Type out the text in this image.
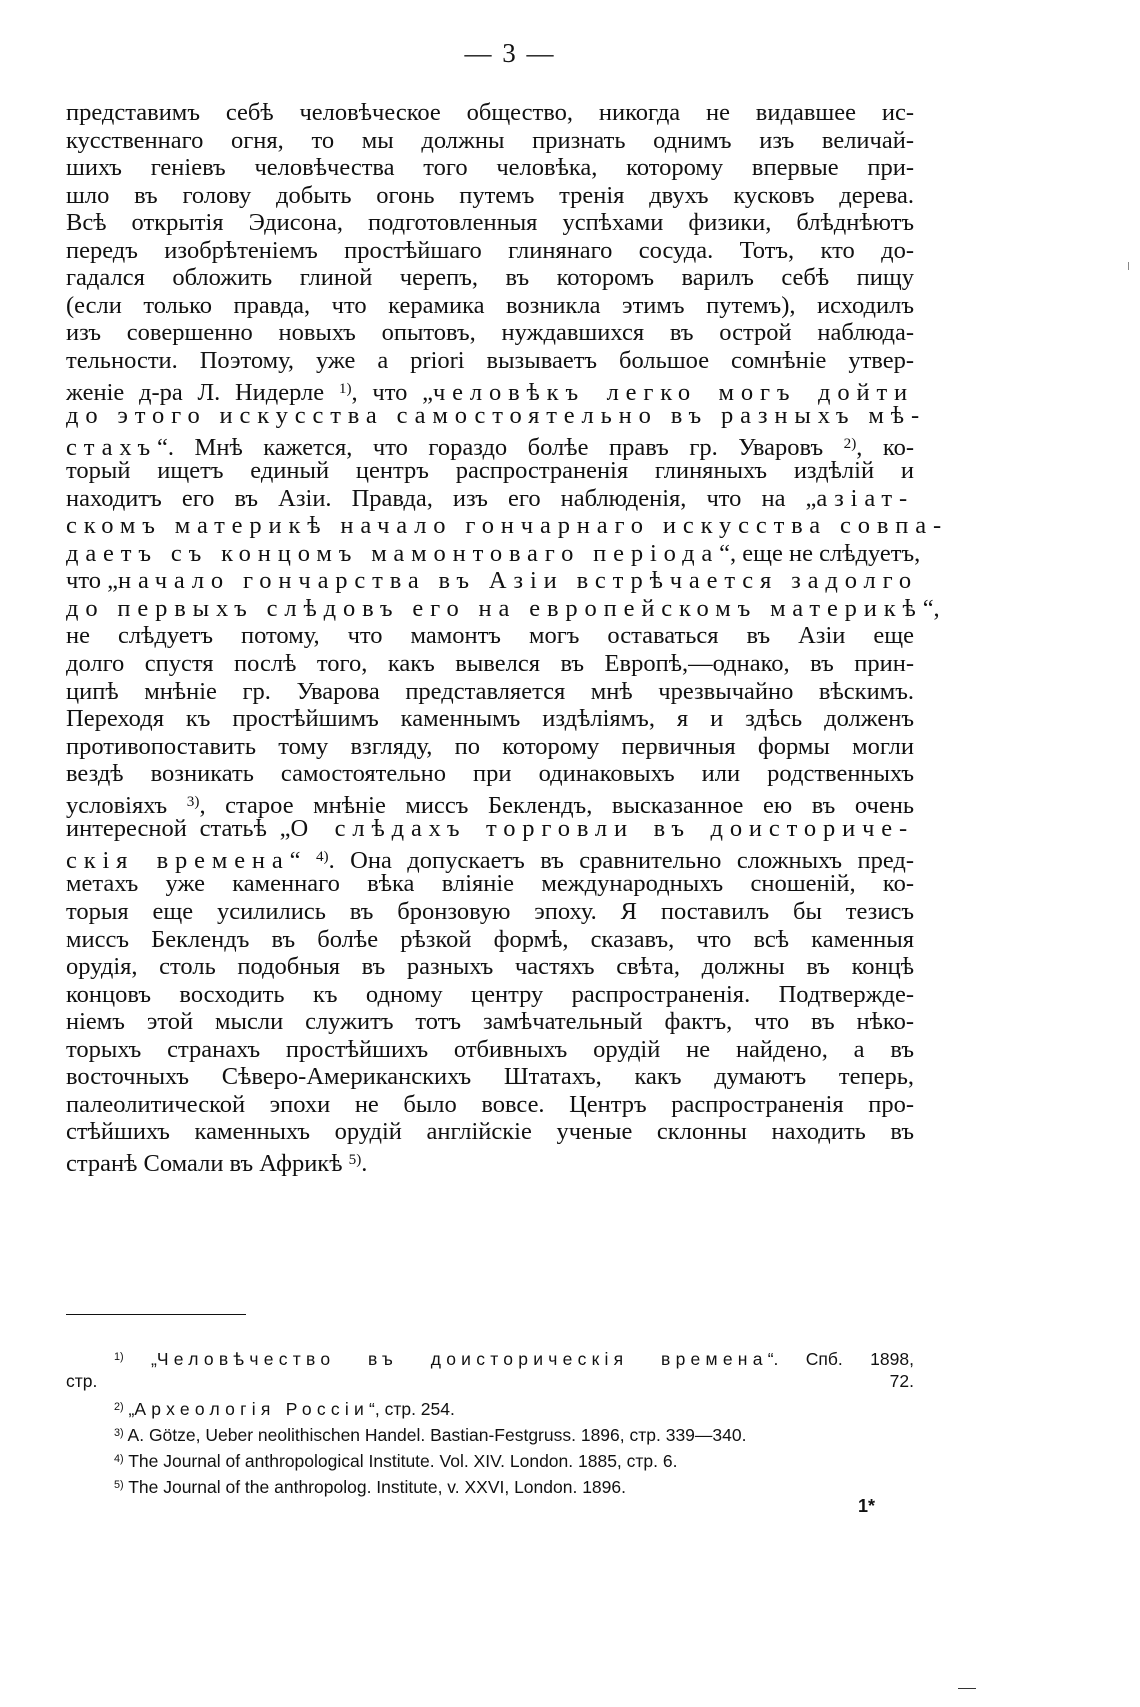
— 3 —
представимъ себѣ человѣческое общество, никогда не видавшее ис-
кусственнаго огня, то мы должны признать однимъ изъ величай-
шихъ геніевъ человѣчества того человѣка, которому впервые при-
шло въ голову добыть огонь путемъ тренія двухъ кусковъ дерева.
Всѣ открытія Эдисона, подготовленныя успѣхами физики, блѣднѣютъ
передъ изобрѣтеніемъ простѣйшаго глинянаго сосуда. Тотъ, кто до-
гадался обложить глиной черепъ, въ которомъ варилъ себѣ пищу
(если только правда, что керамика возникла этимъ путемъ), исходилъ
изъ совершенно новыхъ опытовъ, нуждавшихся въ острой наблюда-
тельности. Поэтому, уже a priori вызываетъ большое сомнѣніе утвер-
женіе д-ра Л. Нидерле $^{1)}$, что „человѣкъ легко могъ дойти
до этого искусства самостоятельно въ разныхъ мѣ-
стахъ“. Мнѣ кажется, что гораздо болѣе правъ гр. Уваровъ $^{2)}$, ко-
торый ищетъ единый центръ распространенія глиняныхъ издѣлій и
находитъ его въ Азіи. Правда, изъ его наблюденія, что на „азіат-
скомъ материкѣ начало гончарнаго искусства совпа-
даетъ съ концомъ мамонтоваго періода“, еще не слѣдуетъ,
что „начало гончарства въ Азіи встрѣчается задолго
до первыхъ слѣдовъ его на европейскомъ материкѣ“,
не слѣдуетъ потому, что мамонтъ могъ оставаться въ Азіи еще
долго спустя послѣ того, какъ вывелся въ Европѣ,—однако, въ прин-
ципѣ мнѣніе гр. Уварова представляется мнѣ чрезвычайно вѣскимъ.
Переходя къ простѣйшимъ каменнымъ издѣліямъ, я и здѣсь долженъ
противопоставить тому взгляду, по которому первичныя формы могли
вездѣ возникать самостоятельно при одинаковыхъ или родственныхъ
условіяхъ $^{3)}$, старое мнѣніе миссъ Беклендъ, высказанное ею въ очень
интересной статьѣ „О слѣдахъ торговли въ доисториче-
скія времена“ $^{4)}$. Она допускаетъ въ сравнительно сложныхъ пред-
метахъ уже каменнаго вѣка вліяніе международныхъ сношеній, ко-
торыя еще усилились въ бронзовую эпоху. Я поставилъ бы тезисъ
миссъ Беклендъ въ болѣе рѣзкой формѣ, сказавъ, что всѣ каменныя
орудія, столь подобныя въ разныхъ частяхъ свѣта, должны въ концѣ
концовъ восходить къ одному центру распространенія. Подтвержде-
ніемъ этой мысли служитъ тотъ замѣчательный фактъ, что въ нѣко-
торыхъ странахъ простѣйшихъ отбивныхъ орудій не найдено, а въ
восточныхъ Сѣверо-Американскихъ Штатахъ, какъ думаютъ теперь,
палеолитической эпохи не было вовсе. Центръ распространенія про-
стѣйшихъ каменныхъ орудій англійскіе ученые склонны находить въ
странѣ Сомали въ Африкѣ $^{5)}$.
$^{1)}$ „Человѣчество въ доисторическія времена“. Спб. 1898,
стр. 72.
$^{2)}$ „Археологія Россіи“, стр. 254.
$^{3)}$ A. Götze, Ueber neolithischen Handel. Bastian-Festgruss. 1896, стр. 339—340.
$^{4)}$ The Journal of anthropological Institute. Vol. XIV. London. 1885, стр. 6.
$^{5)}$ The Journal of the anthropolog. Institute, v. XXVI, London. 1896.
1*
